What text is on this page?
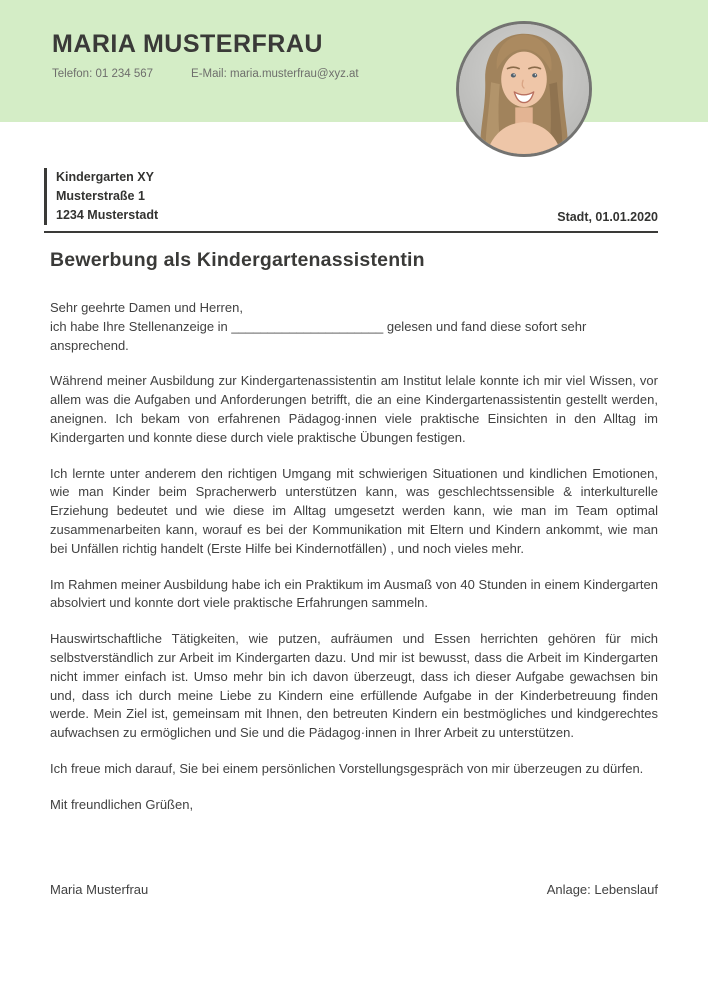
MARIA MUSTERFRAU
Telefon: 01 234 567	E-Mail: maria.musterfrau@xyz.at
Kindergarten XY
Musterstraße 1
1234 Musterstadt	Stadt, 01.01.2020
Bewerbung als Kindergartenassistentin

Sehr geehrte Damen und Herren,

ich habe Ihre Stellenanzeige in _____________________ gelesen und fand diese sofort sehr ansprechend.

Während meiner Ausbildung zur Kindergartenassistentin am Institut lelale konnte ich mir viel Wissen, vor allem was die Aufgaben und Anforderungen betrifft, die an eine Kindergartenassistentin gestellt werden, aneignen. Ich bekam von erfahrenen Pädagog·innen viele praktische Einsichten in den Alltag im Kindergarten und konnte diese durch viele praktische Übungen festigen.

Ich lernte unter anderem den richtigen Umgang mit schwierigen Situationen und kindlichen Emotionen, wie man Kinder beim Spracherwerb unterstützen kann, was geschlechtssensible & interkulturelle Erziehung bedeutet und wie diese im Alltag umgesetzt werden kann, wie man im Team optimal zusammenarbeiten kann, worauf es bei der Kommunikation mit Eltern und Kindern ankommt, wie man bei Unfällen richtig handelt (Erste Hilfe bei Kindernotfällen) , und noch vieles mehr.

Im Rahmen meiner Ausbildung habe ich ein Praktikum im Ausmaß von 40 Stunden in einem Kindergarten absolviert und konnte dort viele praktische Erfahrungen sammeln.

Hauswirtschaftliche Tätigkeiten, wie putzen, aufräumen und Essen herrichten gehören für mich selbstverständlich zur Arbeit im Kindergarten dazu. Und mir ist bewusst, dass die Arbeit im Kindergarten nicht immer einfach ist. Umso mehr bin ich davon überzeugt, dass ich dieser Aufgabe gewachsen bin und, dass ich durch meine Liebe zu Kindern eine erfüllende Aufgabe in der Kinderbetreuung finden werde. Mein Ziel ist, gemeinsam mit Ihnen, den betreuten Kindern ein bestmögliches und kindgerechtes aufwachsen zu ermöglichen und Sie und die Pädagog·innen in Ihrer Arbeit zu unterstützen.

Ich freue mich darauf, Sie bei einem persönlichen Vorstellungsgespräch von mir überzeugen zu dürfen.

Mit freundlichen Grüßen,

Maria Musterfrau	Anlage: Lebenslauf
